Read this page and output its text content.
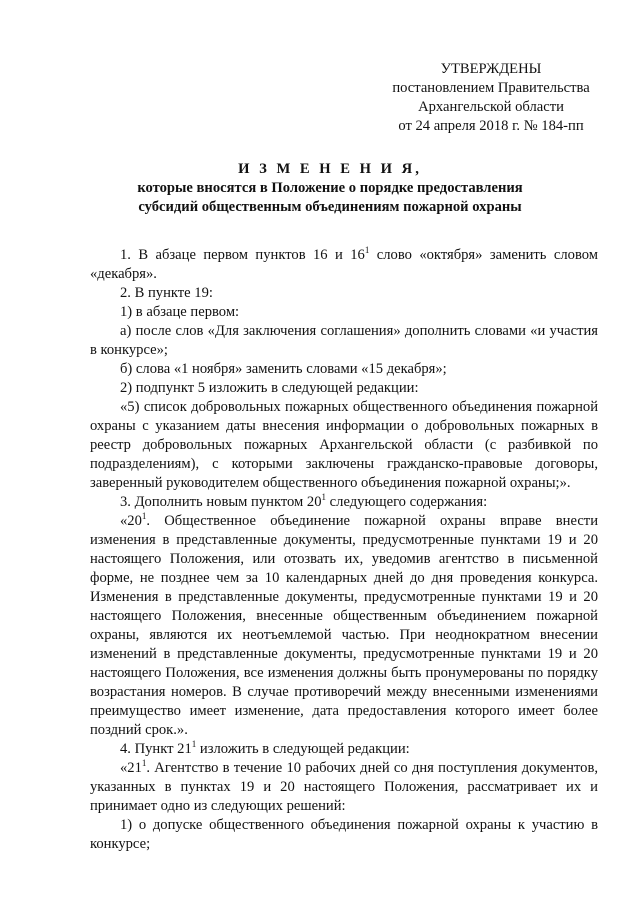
УТВЕРЖДЕНЫ
постановлением Правительства
Архангельской области
от 24 апреля 2018 г. № 184-пп
И З М Е Н Е Н И Я,
которые вносятся в Положение о порядке предоставления
субсидий общественным объединениям пожарной охраны

1. В абзаце первом пунктов 16 и $16^1$ слово «октября» заменить словом «декабря».

2. В пункте 19:

1) в абзаце первом:

а) после слов «Для заключения соглашения» дополнить словами «и участия в конкурсе»;

б) слова «1 ноября» заменить словами «15 декабря»;

2) подпункт 5 изложить в следующей редакции:

«5) список добровольных пожарных общественного объединения пожарной охраны с указанием даты внесения информации о добровольных пожарных в реестр добровольных пожарных Архангельской области (с разбивкой по подразделениям), с которыми заключены гражданско-правовые договоры, заверенный руководителем общественного объединения пожарной охраны;».

3. Дополнить новым пунктом $20^1$ следующего содержания:

«$20^1$. Общественное объединение пожарной охраны вправе внести изменения в представленные документы, предусмотренные пунктами 19 и 20 настоящего Положения, или отозвать их, уведомив агентство в письменной форме, не позднее чем за 10 календарных дней до дня проведения конкурса. Изменения в представленные документы, предусмотренные пунктами 19 и 20 настоящего Положения, внесенные общественным объединением пожарной охраны, являются их неотъемлемой частью. При неоднократном внесении изменений в представленные документы, предусмотренные пунктами 19 и 20 настоящего Положения, все изменения должны быть пронумерованы по порядку возрастания номеров. В случае противоречий между внесенными изменениями преимущество имеет изменение, дата предоставления которого имеет более поздний срок.».

4. Пункт $21^1$ изложить в следующей редакции:

«$21^1$. Агентство в течение 10 рабочих дней со дня поступления документов, указанных в пунктах 19 и 20 настоящего Положения, рассматривает их и принимает одно из следующих решений:

1) о допуске общественного объединения пожарной охраны к участию в конкурсе;
